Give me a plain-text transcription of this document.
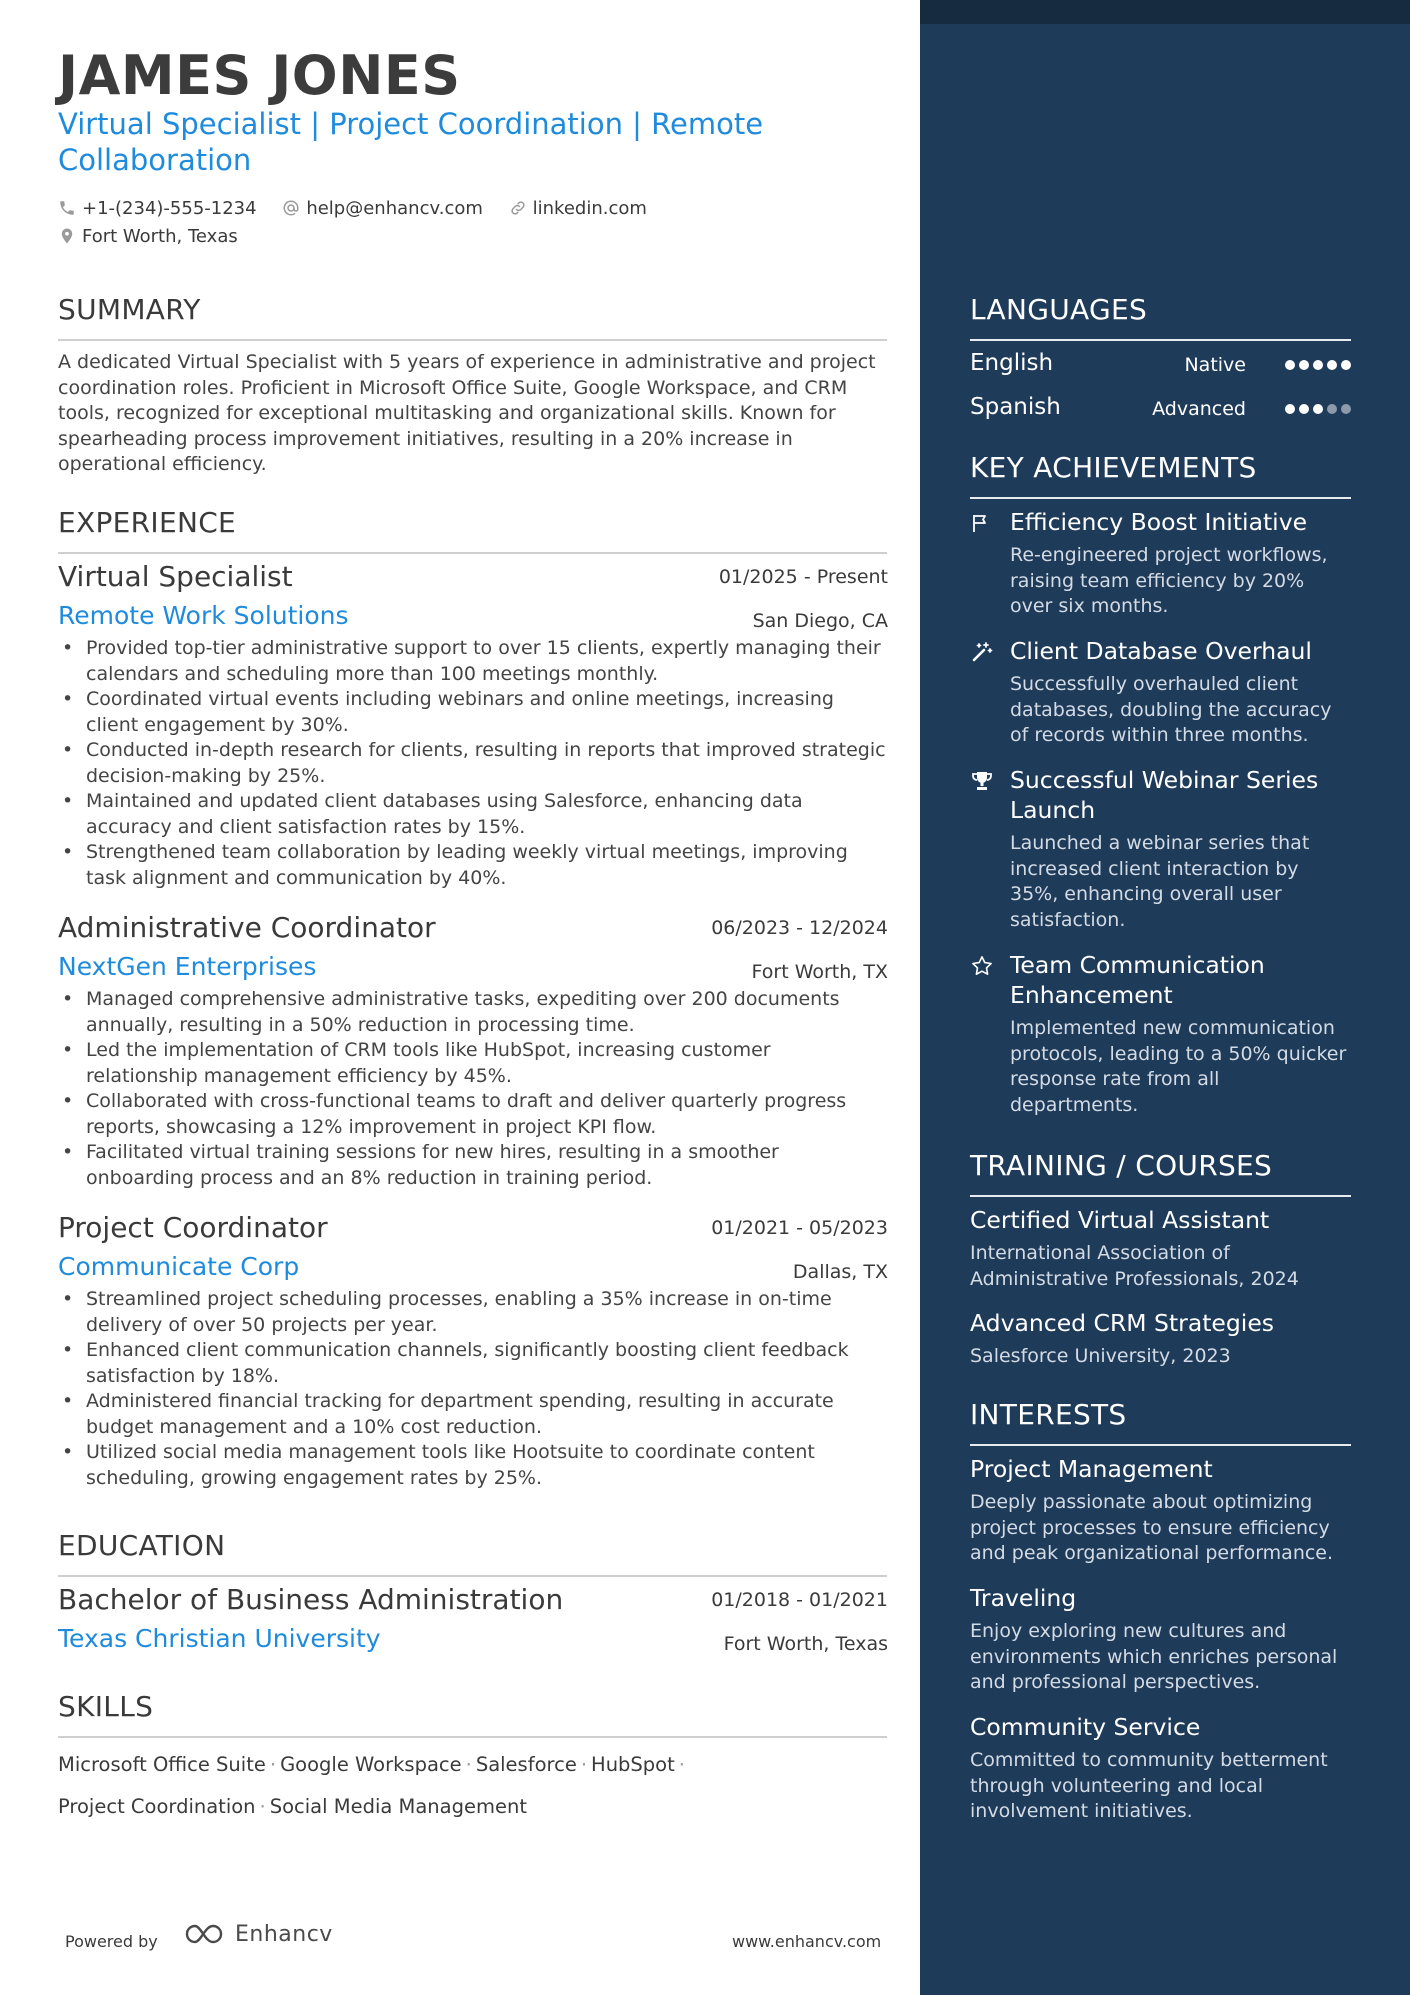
JAMES JONES
Virtual Specialist | Project Coordination | Remote Collaboration
+1-(234)-555-1234
	help@enhancv.com
	linkedin.com
Fort Worth, Texas
SUMMARY
A dedicated Virtual Specialist with 5 years of experience in administrative and project coordination roles. Proficient in Microsoft Office Suite, Google Workspace, and CRM tools, recognized for exceptional multitasking and organizational skills. Known for spearheading process improvement initiatives, resulting in a 20% increase in operational efficiency.
EXPERIENCE
Virtual Specialist	01/2025 - Present
Remote Work Solutions	San Diego, CA
• Provided top-tier administrative support to over 15 clients, expertly managing their calendars and scheduling more than 100 meetings monthly.
• Coordinated virtual events including webinars and online meetings, increasing client engagement by 30%.
• Conducted in-depth research for clients, resulting in reports that improved strategic decision-making by 25%.
• Maintained and updated client databases using Salesforce, enhancing data accuracy and client satisfaction rates by 15%.
• Strengthened team collaboration by leading weekly virtual meetings, improving task alignment and communication by 40%.
Administrative Coordinator	06/2023 - 12/2024
NextGen Enterprises	Fort Worth, TX
• Managed comprehensive administrative tasks, expediting over 200 documents annually, resulting in a 50% reduction in processing time.
• Led the implementation of CRM tools like HubSpot, increasing customer relationship management efficiency by 45%.
• Collaborated with cross-functional teams to draft and deliver quarterly progress reports, showcasing a 12% improvement in project KPI flow.
• Facilitated virtual training sessions for new hires, resulting in a smoother onboarding process and an 8% reduction in training period.
Project Coordinator	01/2021 - 05/2023
Communicate Corp	Dallas, TX
• Streamlined project scheduling processes, enabling a 35% increase in on-time delivery of over 50 projects per year.
• Enhanced client communication channels, significantly boosting client feedback satisfaction by 18%.
• Administered financial tracking for department spending, resulting in accurate budget management and a 10% cost reduction.
• Utilized social media management tools like Hootsuite to coordinate content scheduling, growing engagement rates by 25%.
EDUCATION
Bachelor of Business Administration	01/2018 - 01/2021
Texas Christian University	Fort Worth, Texas
SKILLS
Microsoft Office Suite · Google Workspace · Salesforce · HubSpot ·
Project Coordination · Social Media Management
Powered by	Enhancv	www.enhancv.com
LANGUAGES
English	Native
Spanish	Advanced
KEY ACHIEVEMENTS
Efficiency Boost Initiative
Re-engineered project workflows, raising team efficiency by 20% over six months.
Client Database Overhaul
Successfully overhauled client databases, doubling the accuracy of records within three months.
Successful Webinar Series Launch
Launched a webinar series that increased client interaction by 35%, enhancing overall user satisfaction.
Team Communication Enhancement
Implemented new communication protocols, leading to a 50% quicker response rate from all departments.
TRAINING / COURSES
Certified Virtual Assistant
International Association of Administrative Professionals, 2024
Advanced CRM Strategies
Salesforce University, 2023
INTERESTS
Project Management
Deeply passionate about optimizing project processes to ensure efficiency and peak organizational performance.
Traveling
Enjoy exploring new cultures and environments which enriches personal and professional perspectives.
Community Service
Committed to community betterment through volunteering and local involvement initiatives.
